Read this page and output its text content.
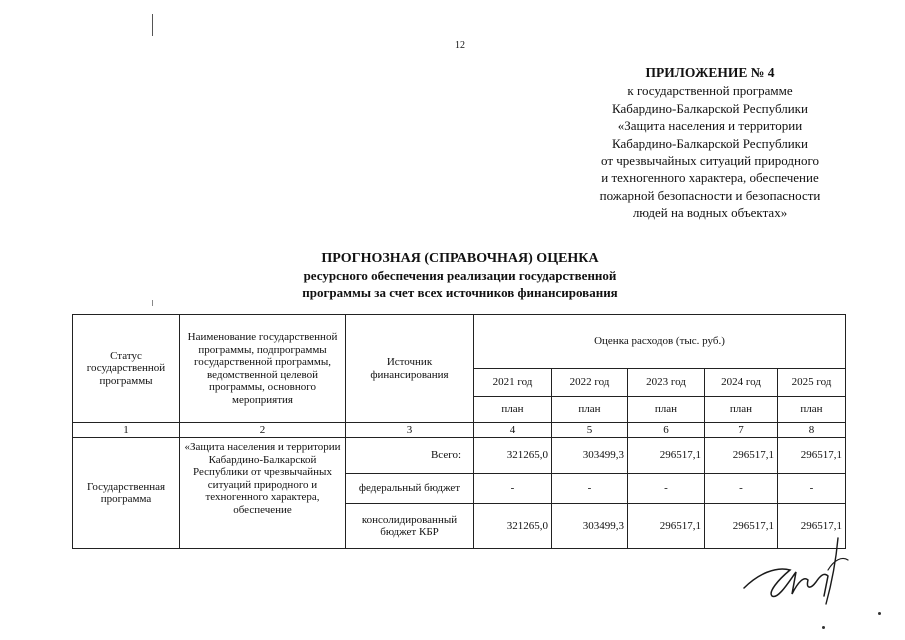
12
ПРИЛОЖЕНИЕ № 4
к государственной программе
Кабардино-Балкарской Республики
«Защита населения и территории
Кабардино-Балкарской Республики
от чрезвычайных ситуаций природного
и техногенного характера, обеспечение
пожарной безопасности и безопасности
людей на водных объектах»
ПРОГНОЗНАЯ (СПРАВОЧНАЯ) ОЦЕНКА
ресурсного обеспечения реализации государственной
программы за счет всех источников финансирования
Статус государственной программы	Наименование государственной программы, подпрограммы государственной программы, ведомственной целевой программы, основного мероприятия	Источник финансирования	Оценка расходов (тыс. руб.)				
			2021 год	2022 год	2023 год	2024 год	2025 год
			план	план	план	план	план
1	2	3	4	5	6	7	8
Государственная программа	«Защита населения и территории Кабардино-Балкарской Республики от чрезвычайных ситуаций природного и техногенного характера, обеспечение	Всего:	321265,0	303499,3	296517,1	296517,1	296517,1
		федеральный бюджет	-	-	-	-	-
		консолидированный бюджет КБР	321265,0	303499,3	296517,1	296517,1	296517,1
